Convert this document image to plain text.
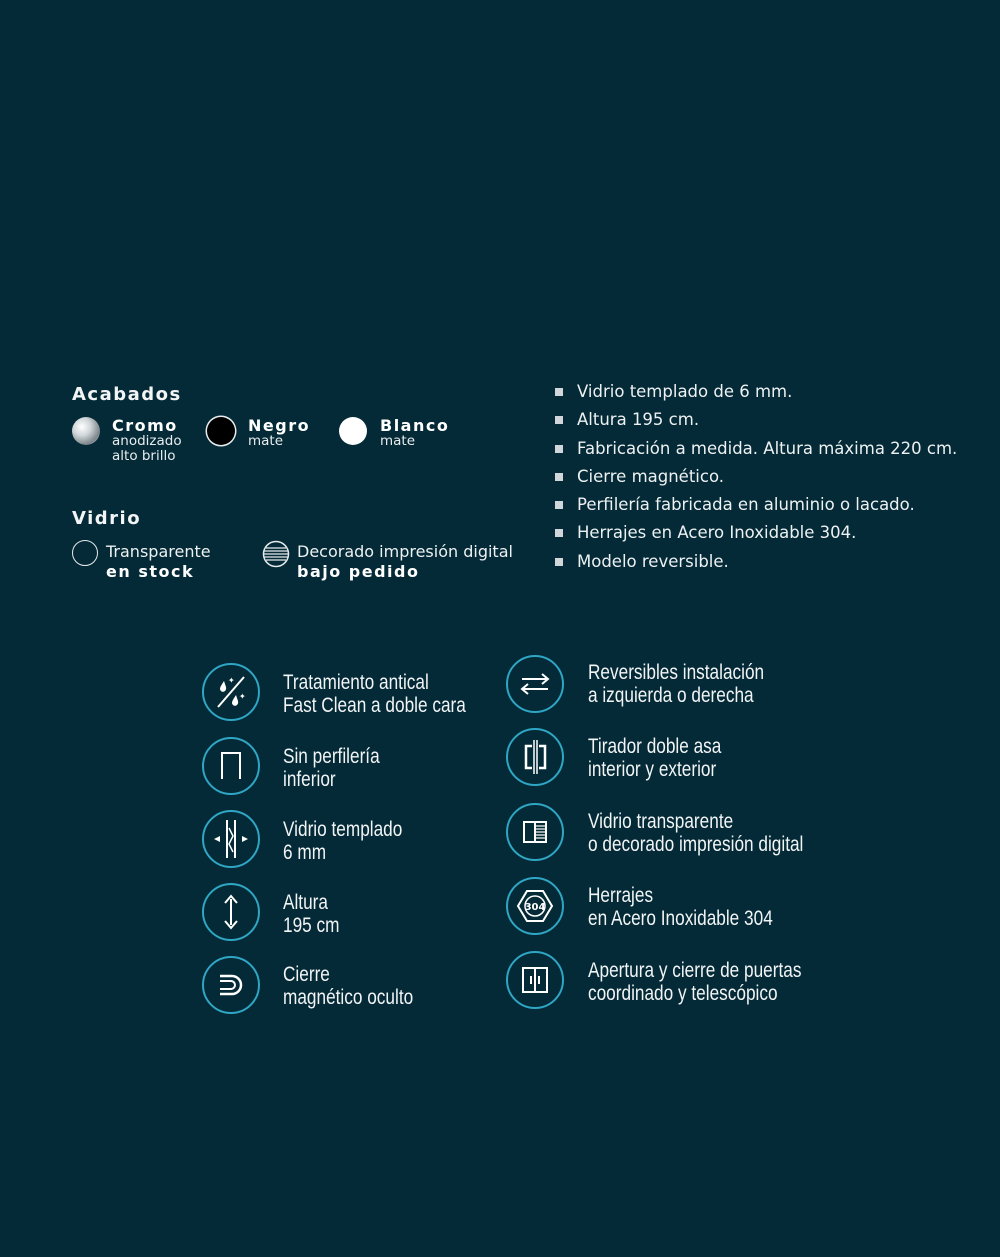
Acabados
Cromo
anodizado
alto brillo
Negro
mate
Blanco
mate
Vidrio
Transparente
en stock
Decorado impresión digital
bajo pedido
Vidrio templado de 6 mm.
Altura 195 cm.
Fabricación a medida. Altura máxima 220 cm.
Cierre magnético.
Perfilería fabricada en aluminio o lacado.
Herrajes en Acero Inoxidable 304.
Modelo reversible.
✦
✦
Tratamiento antical
Fast Clean a doble cara
Sin perfilería
inferior
Vidrio templado
6 mm
Altura
195 cm
Cierre
magnético oculto
Reversibles instalación
a izquierda o derecha
Tirador doble asa
interior y exterior
Vidrio transparente
o decorado impresión digital
304
Herrajes
en Acero Inoxidable 304
Apertura y cierre de puertas
coordinado y telescópico
